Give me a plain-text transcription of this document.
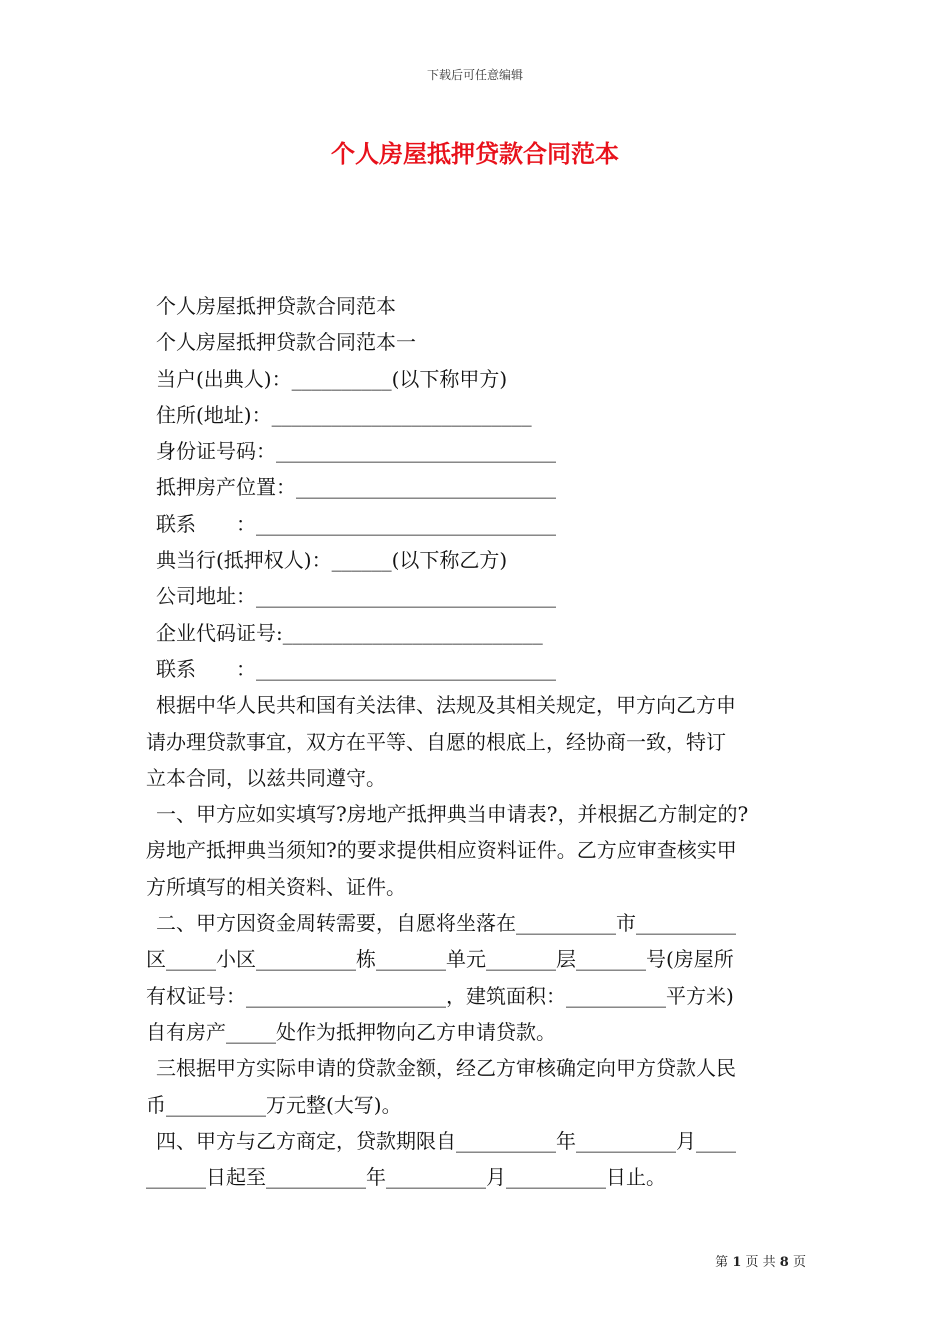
下载后可任意编辑
个人房屋抵押贷款合同范本
个人房屋抵押贷款合同范本
个人房屋抵押贷款合同范本一
当户(出典人)：__________(以下称甲方)
住所(地址)：__________________________
身份证号码：____________________________
抵押房产位置：__________________________
联系　　：______________________________
典当行(抵押权人)：______(以下称乙方)
公司地址：______________________________
企业代码证号:__________________________
联系　　：______________________________
根据中华人民共和国有关法律、法规及其相关规定，甲方向乙方申
请办理贷款事宜，双方在平等、自愿的根底上，经协商一致，特订
立本合同，以兹共同遵守。
一、甲方应如实填写?房地产抵押典当申请表?，并根据乙方制定的?
房地产抵押典当须知?的要求提供相应资料证件。乙方应审查核实甲
方所填写的相关资料、证件。
二、甲方因资金周转需要，自愿将坐落在__________市__________
区_____小区__________栋_______单元_______层_______号(房屋所
有权证号：____________________，建筑面积：__________平方米)
自有房产_____处作为抵押物向乙方申请贷款。
三根据甲方实际申请的贷款金额，经乙方审核确定向甲方贷款人民
币__________万元整(大写)。
四、甲方与乙方商定，贷款期限自__________年__________月____
______日起至__________年__________月__________日止。
第 1 页 共 8 页
